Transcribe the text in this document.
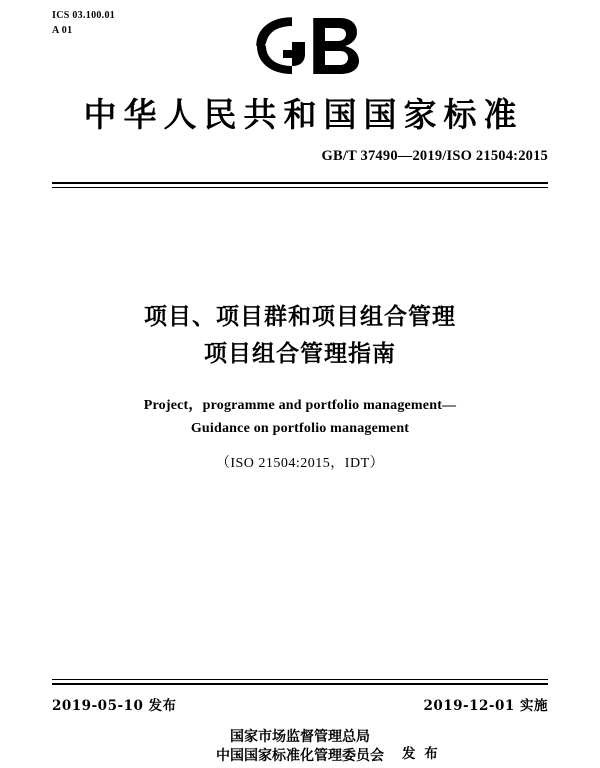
ICS 03.100.01
A 01
中华人民共和国国家标准
GB/T 37490—2019/ISO 21504:2015
项目、项目群和项目组合管理
项目组合管理指南
Project，programme and portfolio management—
Guidance on portfolio management
（ISO 21504:2015，IDT）
2019-05-10 发布	2019-12-01 实施
国家市场监督管理总局
中国国家标准化管理委员会 发 布
